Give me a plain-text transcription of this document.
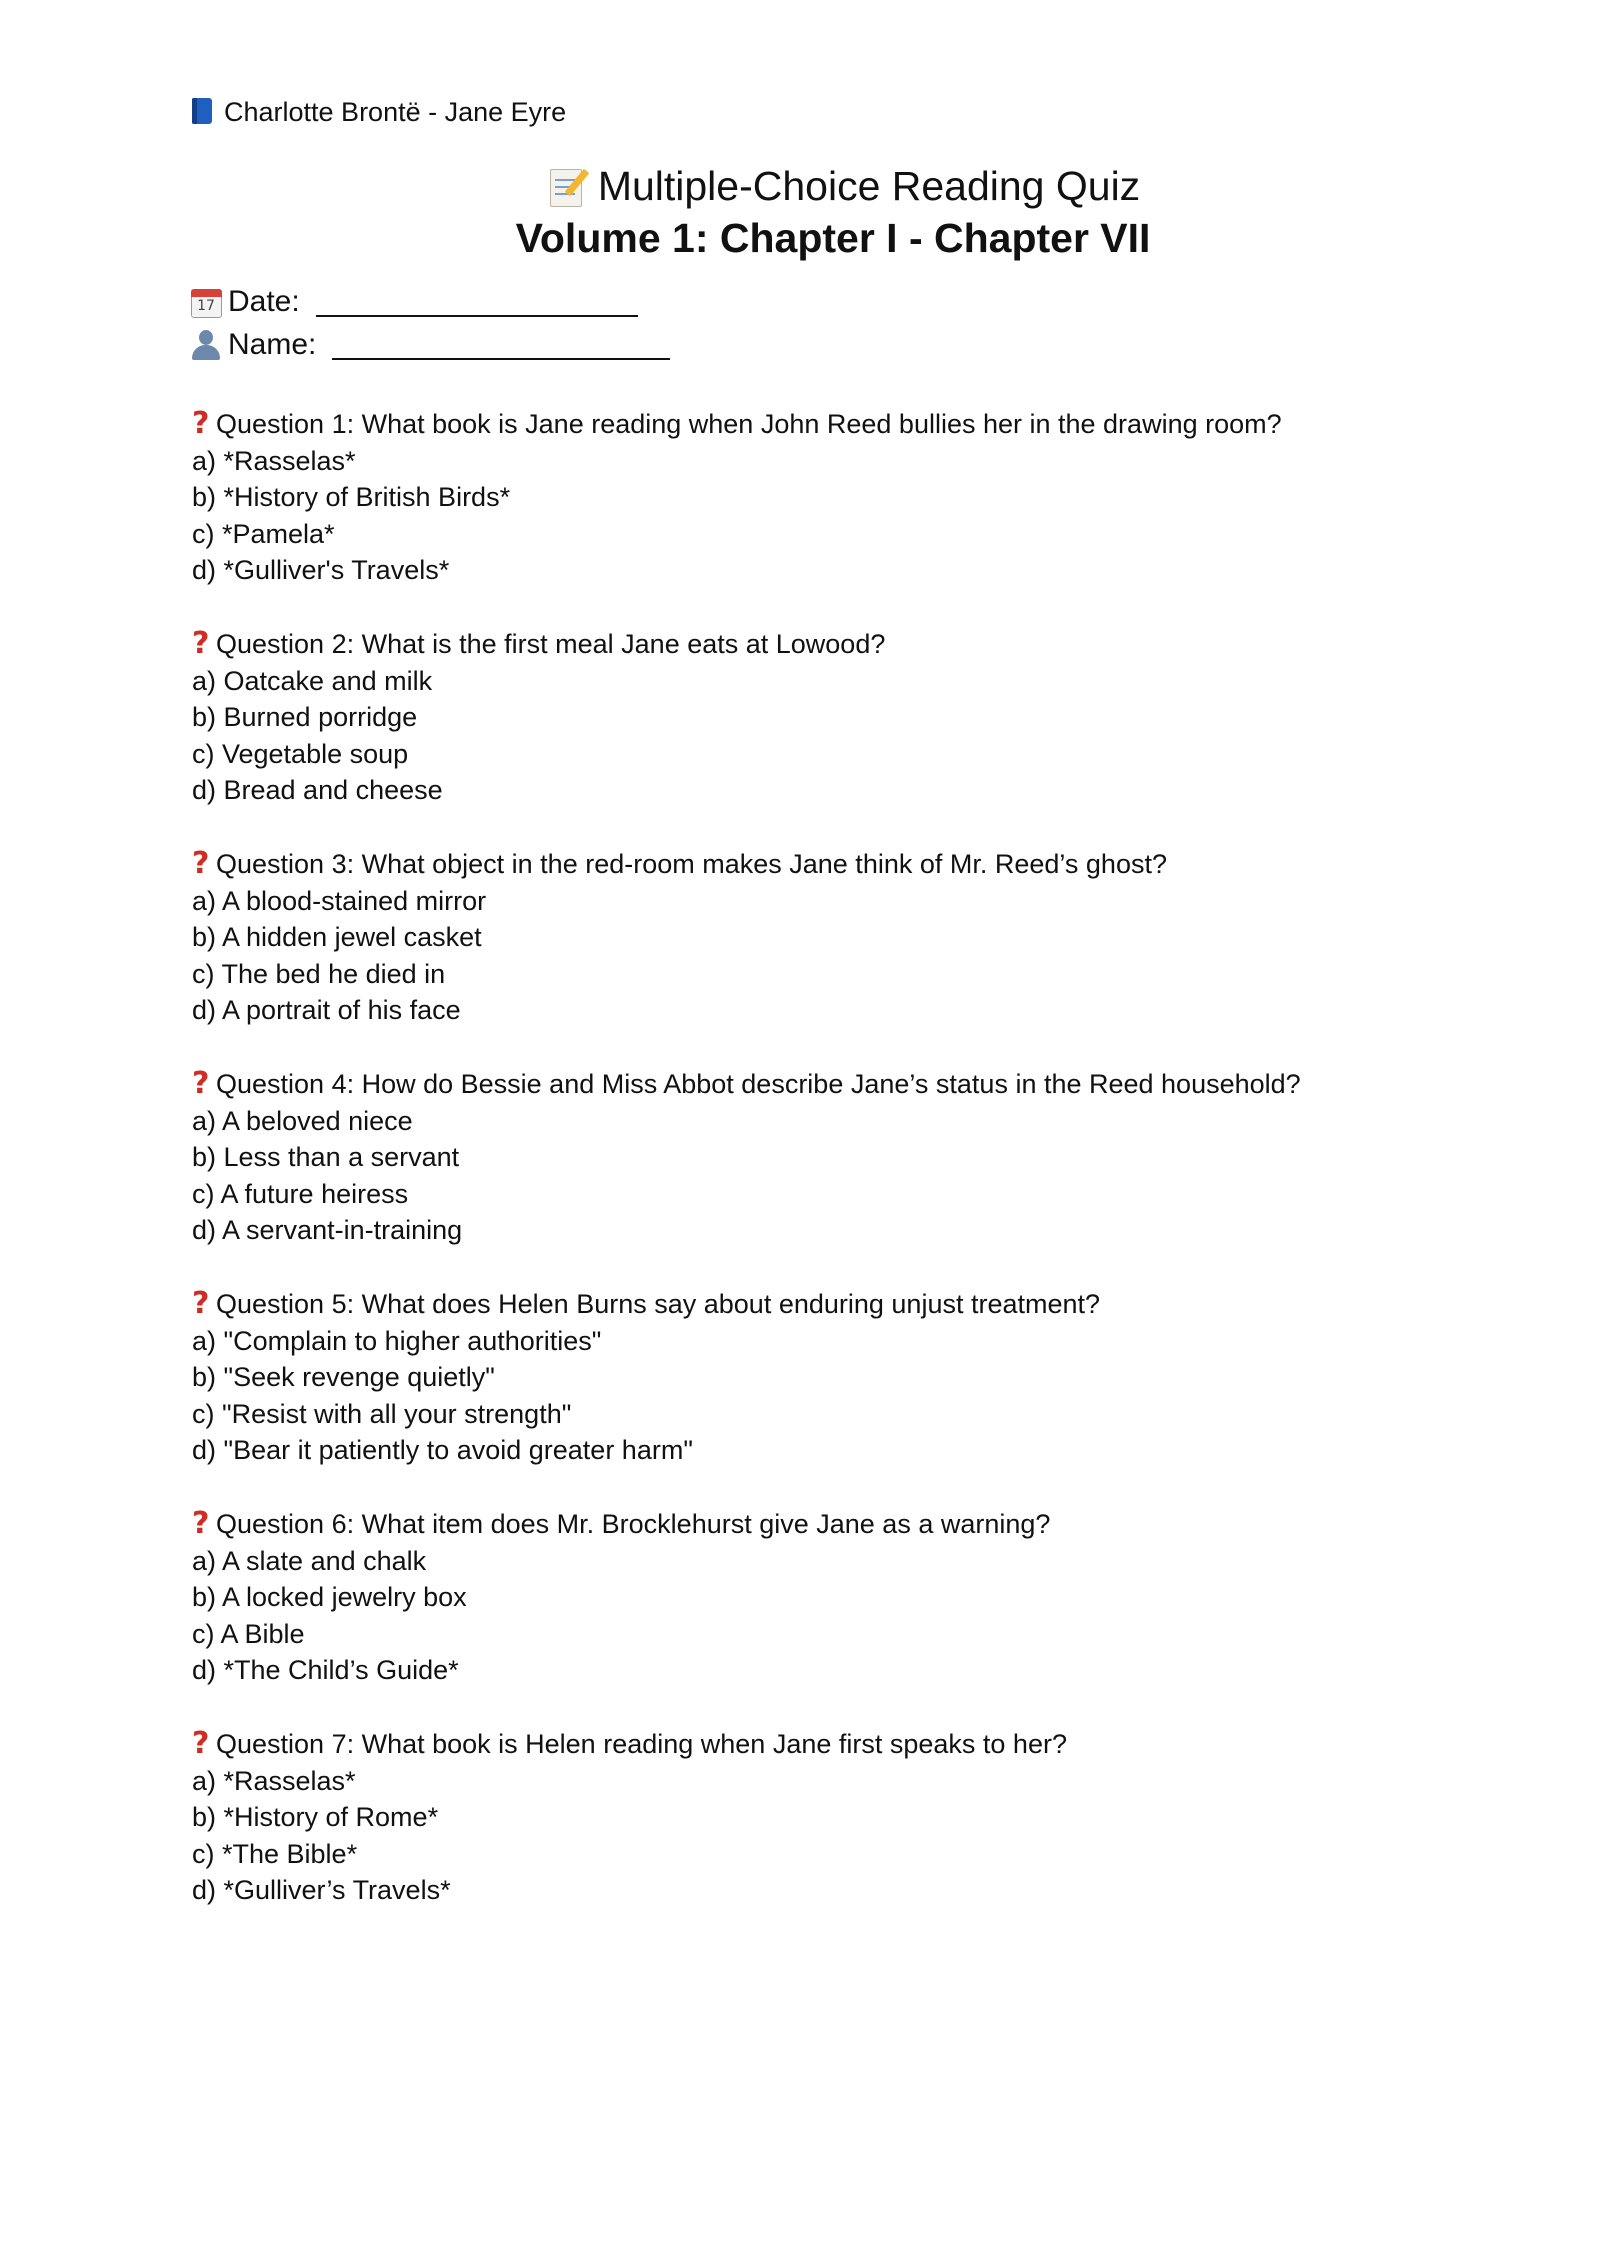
Charlotte Brontë - Jane Eyre
Multiple-Choice Reading Quiz
Volume 1: Chapter I - Chapter VII
17 Date:
Name:
? Question 1: What book is Jane reading when John Reed bullies her in the drawing room?
a) *Rasselas*
b) *History of British Birds*
c) *Pamela*
d) *Gulliver's Travels*
? Question 2: What is the first meal Jane eats at Lowood?
a) Oatcake and milk
b) Burned porridge
c) Vegetable soup
d) Bread and cheese
? Question 3: What object in the red-room makes Jane think of Mr. Reed’s ghost?
a) A blood-stained mirror
b) A hidden jewel casket
c) The bed he died in
d) A portrait of his face
? Question 4: How do Bessie and Miss Abbot describe Jane’s status in the Reed household?
a) A beloved niece
b) Less than a servant
c) A future heiress
d) A servant-in-training
? Question 5: What does Helen Burns say about enduring unjust treatment?
a) "Complain to higher authorities"
b) "Seek revenge quietly"
c) "Resist with all your strength"
d) "Bear it patiently to avoid greater harm"
? Question 6: What item does Mr. Brocklehurst give Jane as a warning?
a) A slate and chalk
b) A locked jewelry box
c) A Bible
d) *The Child’s Guide*
? Question 7: What book is Helen reading when Jane first speaks to her?
a) *Rasselas*
b) *History of Rome*
c) *The Bible*
d) *Gulliver’s Travels*
